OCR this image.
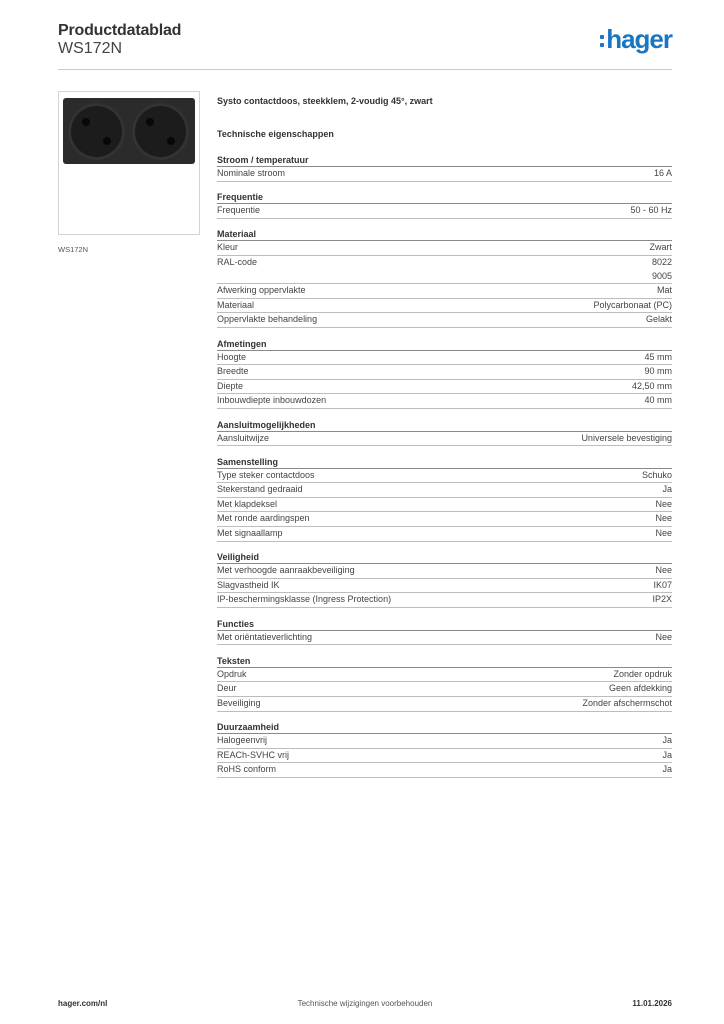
Productdatablad
WS172N	hager
WS172N
Systo contactdoos, steekklem, 2-voudig 45°, zwart
Technische eigenschappen
Stroom / temperatuur
Nominale stroom	16 A
Frequentie
Frequentie	50 - 60 Hz
Materiaal
Kleur	Zwart
RAL-code	8022
9005
Afwerking oppervlakte	Mat
Materiaal	Polycarbonaat (PC)
Oppervlakte behandeling	Gelakt
Afmetingen
Hoogte	45 mm
Breedte	90 mm
Diepte	42,50 mm
Inbouwdiepte inbouwdozen	40 mm
Aansluitmogelijkheden
Aansluitwijze	Universele bevestiging
Samenstelling
Type steker contactdoos	Schuko
Stekerstand gedraaid	Ja
Met klapdeksel	Nee
Met ronde aardingspen	Nee
Met signaallamp	Nee
Veiligheid
Met verhoogde aanraakbeveiliging	Nee
Slagvastheid IK	IK07
IP-beschermingsklasse (Ingress Protection)	IP2X
Functies
Met oriëntatieverlichting	Nee
Teksten
Opdruk	Zonder opdruk
Deur	Geen afdekking
Beveiliging	Zonder afschermschot
Duurzaamheid
Halogeenvrij	Ja
REACh-SVHC vrij	Ja
RoHS conform	Ja
hager.com/nl	Technische wijzigingen voorbehouden	11.01.2026
